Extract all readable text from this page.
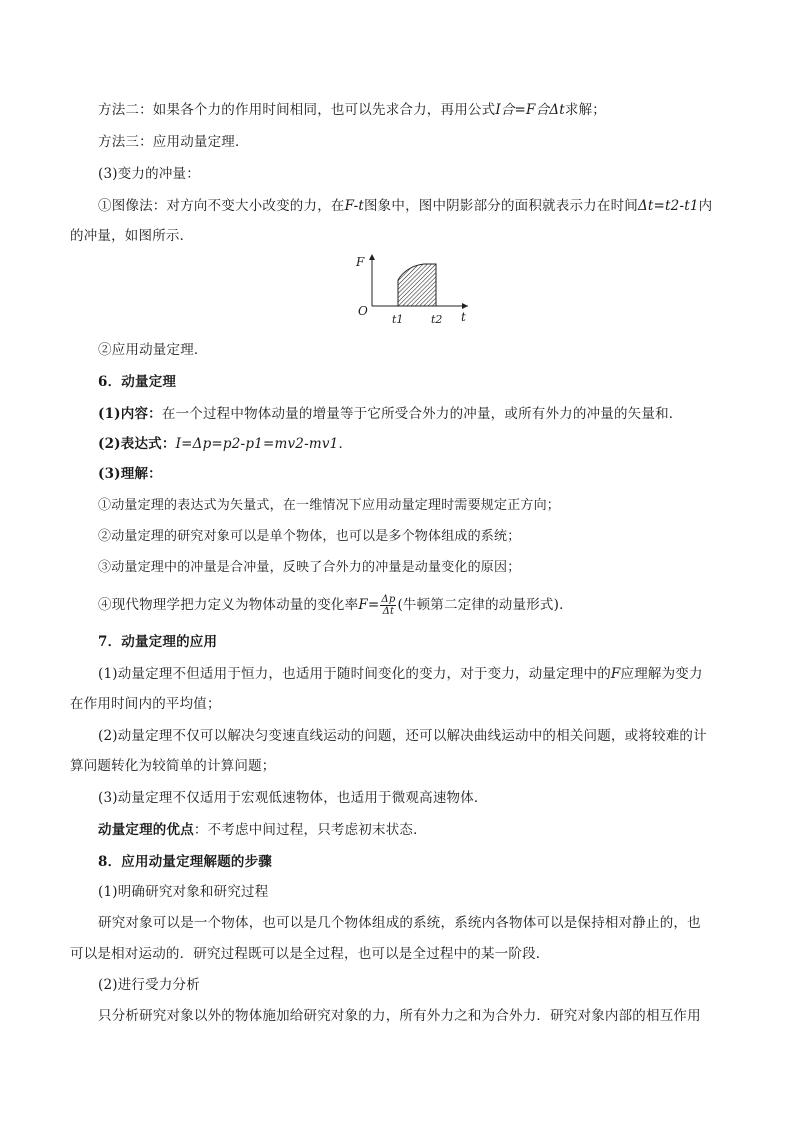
方法二：如果各个力的作用时间相同，也可以先求合力，再用公式I合=F合Δt求解；
方法三：应用动量定理．
(3)变力的冲量：
①图像法：对方向不变大小改变的力，在F-t图象中，图中阴影部分的面积就表示力在时间Δt=t2-t1内
的冲量，如图所示．
F
O	t
t1	t2
②应用动量定理．
6．动量定理
(1)内容：在一个过程中物体动量的增量等于它所受合外力的冲量，或所有外力的冲量的矢量和．
(2)表达式：I=Δp=p2-p1=mv2-mv1．
(3)理解：
①动量定理的表达式为矢量式，在一维情况下应用动量定理时需要规定正方向；
②动量定理的研究对象可以是单个物体，也可以是多个物体组成的系统；
③动量定理中的冲量是合冲量，反映了合外力的冲量是动量变化的原因；
④现代物理学把力定义为物体动量的变化率$F= \frac{\Delta p}{\Delta t}$ (牛顿第二定律的动量形式)．
7．动量定理的应用
(1)动量定理不但适用于恒力，也适用于随时间变化的变力，对于变力，动量定理中的F应理解为变力
在作用时间内的平均值；
(2)动量定理不仅可以解决匀变速直线运动的问题，还可以解决曲线运动中的相关问题，或将较难的计
算问题转化为较简单的计算问题；
(3)动量定理不仅适用于宏观低速物体，也适用于微观高速物体．
动量定理的优点：不考虑中间过程，只考虑初末状态．
8．应用动量定理解题的步骤
(1)明确研究对象和研究过程
研究对象可以是一个物体，也可以是几个物体组成的系统，系统内各物体可以是保持相对静止的，也
可以是相对运动的．研究过程既可以是全过程，也可以是全过程中的某一阶段．
(2)进行受力分析
只分析研究对象以外的物体施加给研究对象的力，所有外力之和为合外力．研究对象内部的相互作用
